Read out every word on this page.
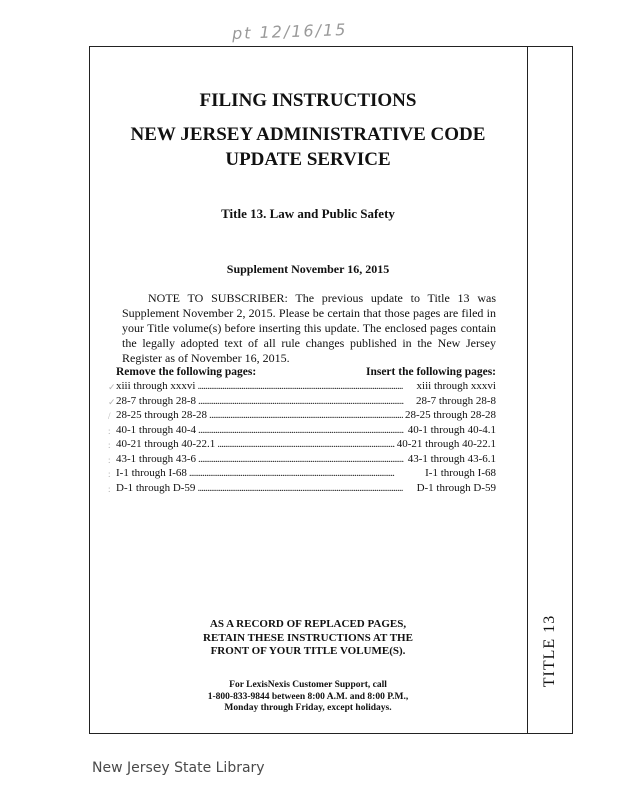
pt 12/16/15
TITLE 13
FILING INSTRUCTIONS
NEW JERSEY ADMINISTRATIVE CODE
UPDATE SERVICE
Title 13. Law and Public Safety
Supplement November 16, 2015
NOTE TO SUBSCRIBER: The previous update to Title 13 was Supplement November 2, 2015. Please be certain that those pages are filed in your Title volume(s) before inserting this update. The enclosed pages contain the legally adopted text of all rule changes published in the New Jersey Register as of November 16, 2015.
Remove the following pages:	Insert the following pages:
✓
✓
/
:
:
:
:
:
xiii through xxxvi . . .	xiii through xxxvi
28-7 through 28-8 . . .	28-7 through 28-8
28-25 through 28-28 . . .	28-25 through 28-28
40-1 through 40-4 . . .	40-1 through 40-4.1
40-21 through 40-22.1 . . .	40-21 through 40-22.1
43-1 through 43-6 . . .	43-1 through 43-6.1
I-1 through I-68 . . .	I-1 through I-68
D-1 through D-59 . . .	D-1 through D-59
AS A RECORD OF REPLACED PAGES,
RETAIN THESE INSTRUCTIONS AT THE
FRONT OF YOUR TITLE VOLUME(S).
For LexisNexis Customer Support, call
1-800-833-9844 between 8:00 A.M. and 8:00 P.M.,
Monday through Friday, except holidays.
New Jersey State Library
